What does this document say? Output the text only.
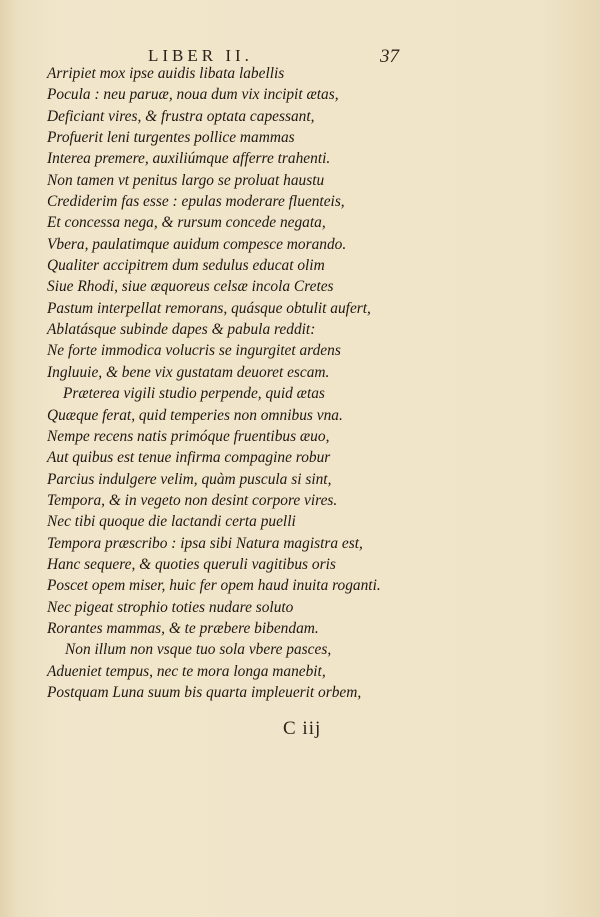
LIBER II.	37
Arripiet mox ipse auidis libata labellis
Pocula : neu paruæ, noua dum vix incipit ætas,
Deficiant vires, & frustra optata capessant,
Profuerit leni turgentes pollice mammas
Interea premere, auxiliúmque afferre trahenti.
Non tamen vt penitus largo se proluat haustu
Crediderim fas esse : epulas moderare fluenteis,
Et concessa nega, & rursum concede negata,
Vbera, paulatimque auidum compesce morando.
Qualiter accipitrem dum sedulus educat olim
Siue Rhodi, siue æquoreus celsæ incola Cretes
Pastum interpellat remorans, quásque obtulit aufert,
Ablatásque subinde dapes & pabula reddit:
Ne forte immodica volucris se ingurgitet ardens
Ingluuie, & bene vix gustatam deuoret escam.
Præterea vigili studio perpende, quid ætas
Quæque ferat, quid temperies non omnibus vna.
Nempe recens natis primóque fruentibus æuo,
Aut quibus est tenue infirma compagine robur
Parcius indulgere velim, quàm puscula si sint,
Tempora, & in vegeto non desint corpore vires.
Nec tibi quoque die lactandi certa puelli
Tempora præscribo : ipsa sibi Natura magistra est,
Hanc sequere, & quoties queruli vagitibus oris
Poscet opem miser, huic fer opem haud inuita roganti.
Nec pigeat strophio toties nudare soluto
Rorantes mammas, & te præbere bibendam.
Non illum non vsque tuo sola vbere pasces,
Adueniet tempus, nec te mora longa manebit,
Postquam Luna suum bis quarta impleuerit orbem,
C iij
